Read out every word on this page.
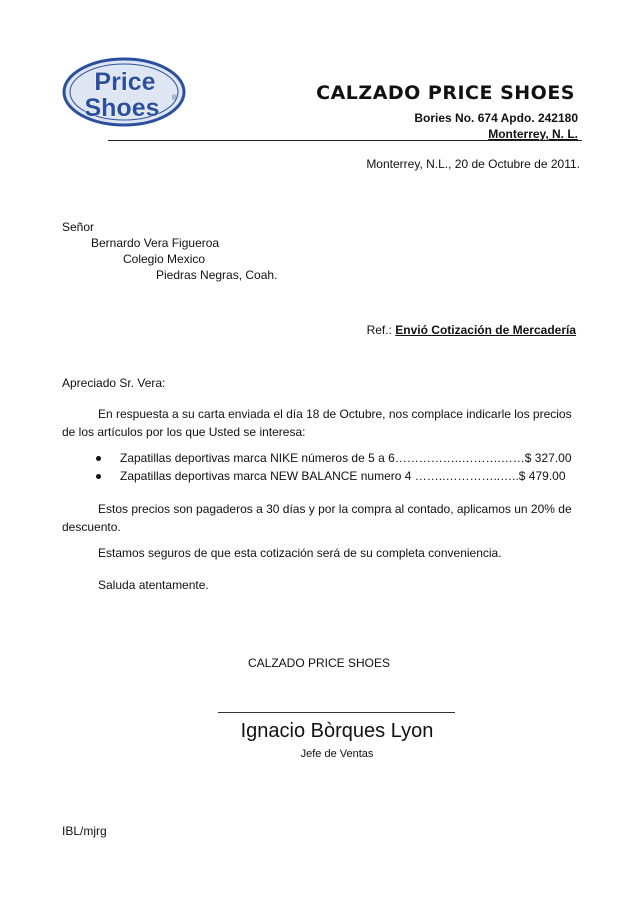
Price
Shoes ®	CALZADO PRICE SHOES
Bories No. 674 Apdo. 242180
Monterrey, N. L.
Monterrey, N.L., 20 de Octubre de 2011.
Señor
Bernardo Vera Figueroa
Colegio Mexico
Piedras Negras, Coah.
Ref.: Envió Cotización de Mercadería
Apreciado Sr. Vera:
En respuesta a su carta enviada el día 18 de Octubre, nos complace indicarle los precios de los artículos por los que Usted se interesa:
Zapatillas deportivas marca NIKE números de 5 a 6……………..……….……$ 327.00
Zapatillas deportivas marca NEW BALANCE numero 4 ……..…………..…..$ 479.00
Estos precios son pagaderos a 30 días y por la compra al contado, aplicamos un 20% de descuento.
Estamos seguros de que esta cotización será de su completa conveniencia.
Saluda atentamente.
CALZADO PRICE SHOES
Ignacio Bòrques Lyon
Jefe de Ventas
IBL/mjrg
